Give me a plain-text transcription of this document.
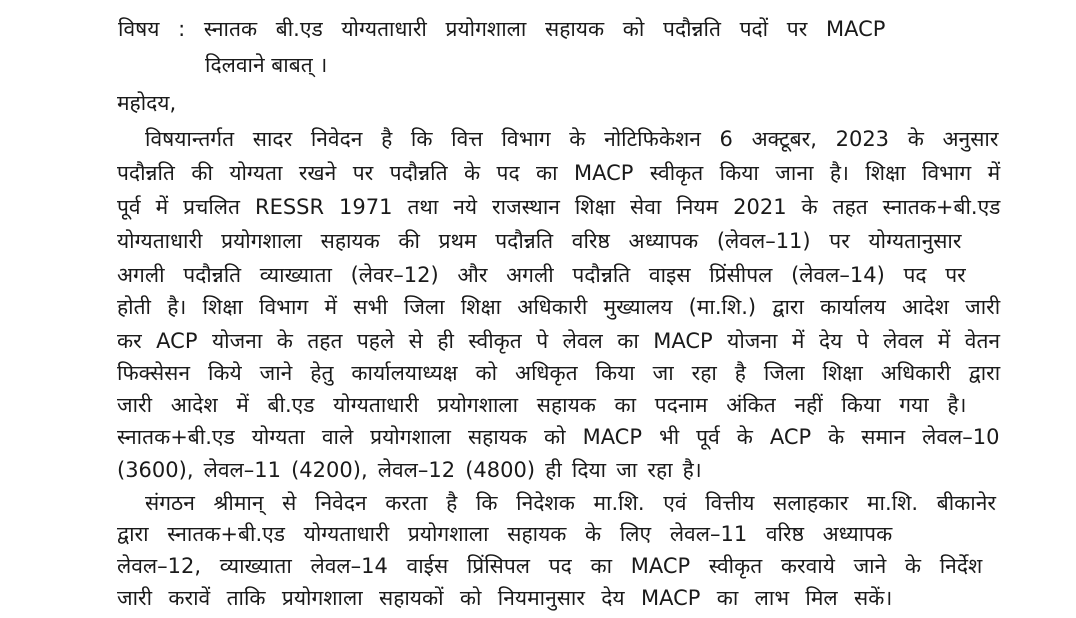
विषय : स्नातक बी.एड योग्यताधारी प्रयोगशाला सहायक को पदौन्नति पदों पर MACP
दिलवाने बाबत् ।
महोदय,
विषयान्तर्गत सादर निवेदन है कि वित्त विभाग के नोटिफिकेशन 6 अक्टूबर, 2023 के अनुसार
पदौन्नति की योग्यता रखने पर पदौन्नति के पद का MACP स्वीकृत किया जाना है। शिक्षा विभाग में
पूर्व में प्रचलित RESSR 1971 तथा नये राजस्थान शिक्षा सेवा नियम 2021 के तहत स्नातक+बी.एड
योग्यताधारी प्रयोगशाला सहायक की प्रथम पदौन्नति वरिष्ठ अध्यापक (लेवल–11) पर योग्यतानुसार
अगली पदौन्नति व्याख्याता (लेवर–12) और अगली पदौन्नति वाइस प्रिंसीपल (लेवल–14) पद पर
होती है। शिक्षा विभाग में सभी जिला शिक्षा अधिकारी मुख्यालय (मा.शि.) द्वारा कार्यालय आदेश जारी
कर ACP योजना के तहत पहले से ही स्वीकृत पे लेवल का MACP योजना में देय पे लेवल में वेतन
फिक्सेसन किये जाने हेतु कार्यालयाध्यक्ष को अधिकृत किया जा रहा है जिला शिक्षा अधिकारी द्वारा
जारी आदेश में बी.एड योग्यताधारी प्रयोगशाला सहायक का पदनाम अंकित नहीं किया गया है।
स्नातक+बी.एड योग्यता वाले प्रयोगशाला सहायक को MACP भी पूर्व के ACP के समान लेवल–10
(3600), लेवल–11 (4200), लेवल–12 (4800) ही दिया जा रहा है।
संगठन श्रीमान् से निवेदन करता है कि निदेशक मा.शि. एवं वित्तीय सलाहकार मा.शि. बीकानेर
द्वारा स्नातक+बी.एड योग्यताधारी प्रयोगशाला सहायक के लिए लेवल–11 वरिष्ठ अध्यापक
लेवल–12, व्याख्याता लेवल–14 वाईस प्रिंसिपल पद का MACP स्वीकृत करवाये जाने के निर्देश
जारी करावें ताकि प्रयोगशाला सहायकों को नियमानुसार देय MACP का लाभ मिल सकें।
